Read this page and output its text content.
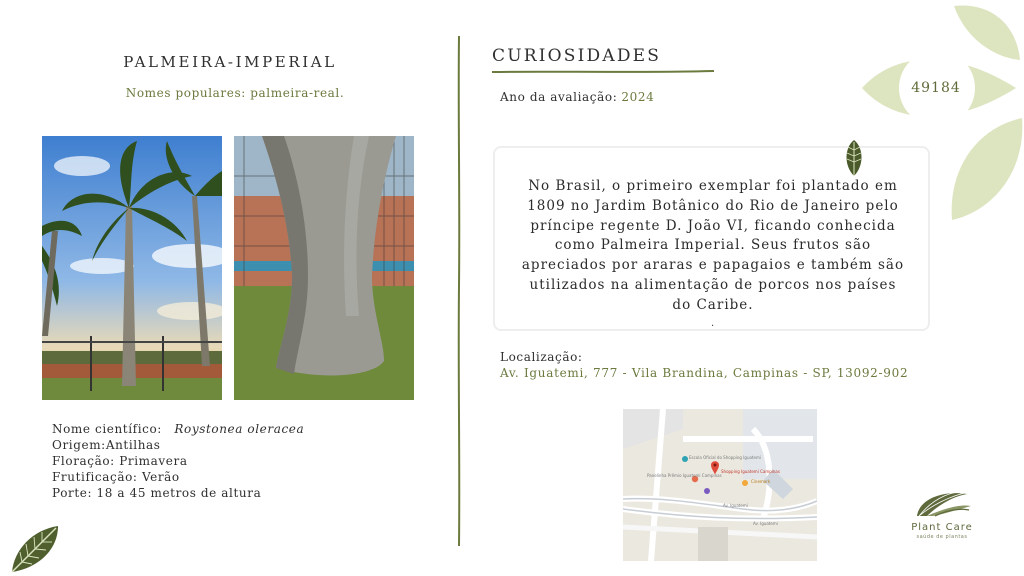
49184
PALMEIRA-IMPERIAL
Nomes populares: palmeira-real.
Nome científico: Roystonea oleracea
Origem:Antilhas
Floração: Primavera
Frutificação: Verão
Porte: 18 a 45 metros de altura
CURIOSIDADES
Ano da avaliação: 2024
No Brasil, o primeiro exemplar foi plantado em
1809 no Jardim Botânico do Rio de Janeiro pelo
príncipe regente D. João VI, ficando conhecida
como Palmeira Imperial. Seus frutos são
apreciados por araras e papagaios e também são
utilizados na alimentação de porcos nos países
do Caribe.
.
Localização:
Av. Iguatemi, 777 - Vila Brandina, Campinas - SP, 13092-902
Escola Oficial do Shopping Iguatemi
Shopping Iguatemi Campinas
Panelinha Prêmio Iguatemi Campinas
Cinemark
Av. Iguatemi
Av. Iguatemi	Plant Care
saúde de plantas
